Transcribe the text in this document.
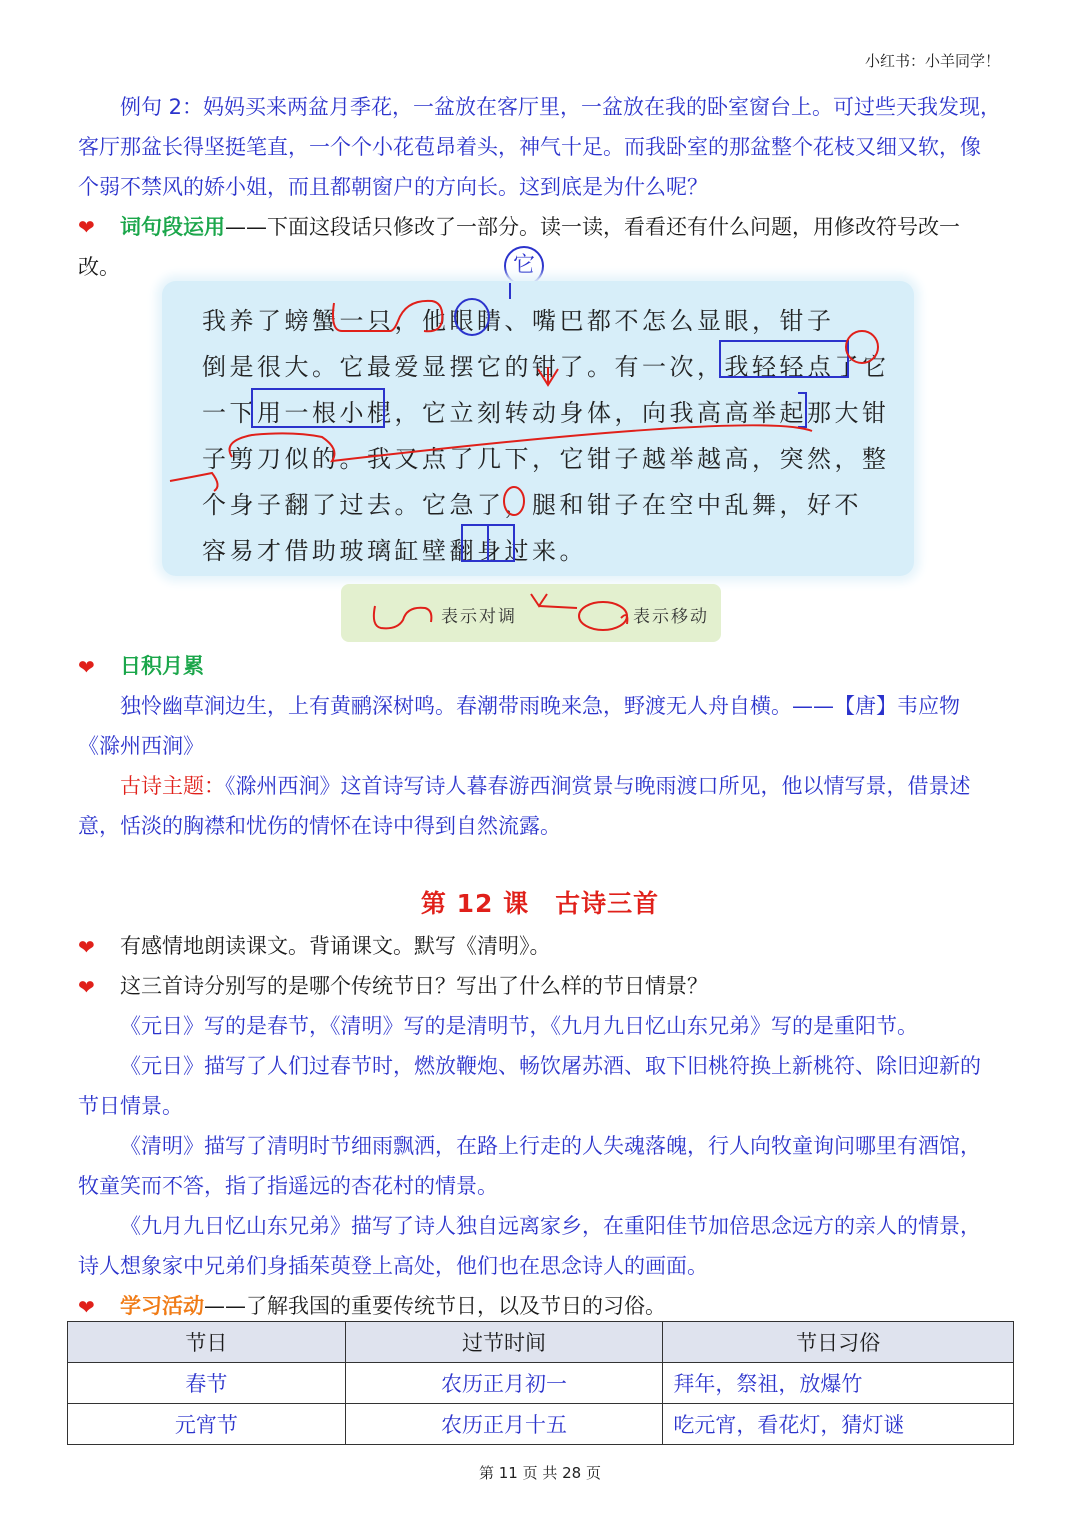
小红书：小羊同学！
例句 2：妈妈买来两盆月季花，一盆放在客厅里，一盆放在我的卧室窗台上。可过些天我发现，
客厅那盆长得坚挺笔直，一个个小花苞昂着头，神气十足。而我卧室的那盆整个花枝又细又软，像
个弱不禁风的娇小姐，而且都朝窗户的方向长。这到底是为什么呢？
❤ 词句段运用——下面这段话只修改了一部分。读一读，看看还有什么问题，用修改符号改一
改。	它
我养了螃蟹一只，他眼睛、嘴巴都不怎么显眼，钳子
倒是很大。它最爱显摆它的钳了。有一次，我轻轻点了它
一下用一根小棍，它立刻转动身体，向我高高举起那大钳
子剪刀似的。我又点了几下，它钳子越举越高，突然，整
个身子翻了过去。它急了，腿和钳子在空中乱舞，好不
容易才借助玻璃缸壁翻身过来。
表示对调	表示移动
❤ 日积月累
独怜幽草涧边生，上有黄鹂深树鸣。春潮带雨晚来急，野渡无人舟自横。——【唐】韦应物
《滁州西涧》
古诗主题：《滁州西涧》这首诗写诗人暮春游西涧赏景与晚雨渡口所见，他以情写景，借景述
意，恬淡的胸襟和忧伤的情怀在诗中得到自然流露。
第 12 课　古诗三首
❤ 有感情地朗读课文。背诵课文。默写《清明》。
❤ 这三首诗分别写的是哪个传统节日？写出了什么样的节日情景？
《元日》写的是春节，《清明》写的是清明节，《九月九日忆山东兄弟》写的是重阳节。
《元日》描写了人们过春节时，燃放鞭炮、畅饮屠苏酒、取下旧桃符换上新桃符、除旧迎新的
节日情景。
《清明》描写了清明时节细雨飘洒，在路上行走的人失魂落魄，行人向牧童询问哪里有酒馆，
牧童笑而不答，指了指遥远的杏花村的情景。
《九月九日忆山东兄弟》描写了诗人独自远离家乡，在重阳佳节加倍思念远方的亲人的情景，
诗人想象家中兄弟们身插茱萸登上高处，他们也在思念诗人的画面。
❤ 学习活动——了解我国的重要传统节日，以及节日的习俗。
节日	过节时间	节日习俗
春节	农历正月初一	拜年，祭祖，放爆竹
元宵节	农历正月十五	吃元宵，看花灯，猜灯谜
第 11 页 共 28 页
